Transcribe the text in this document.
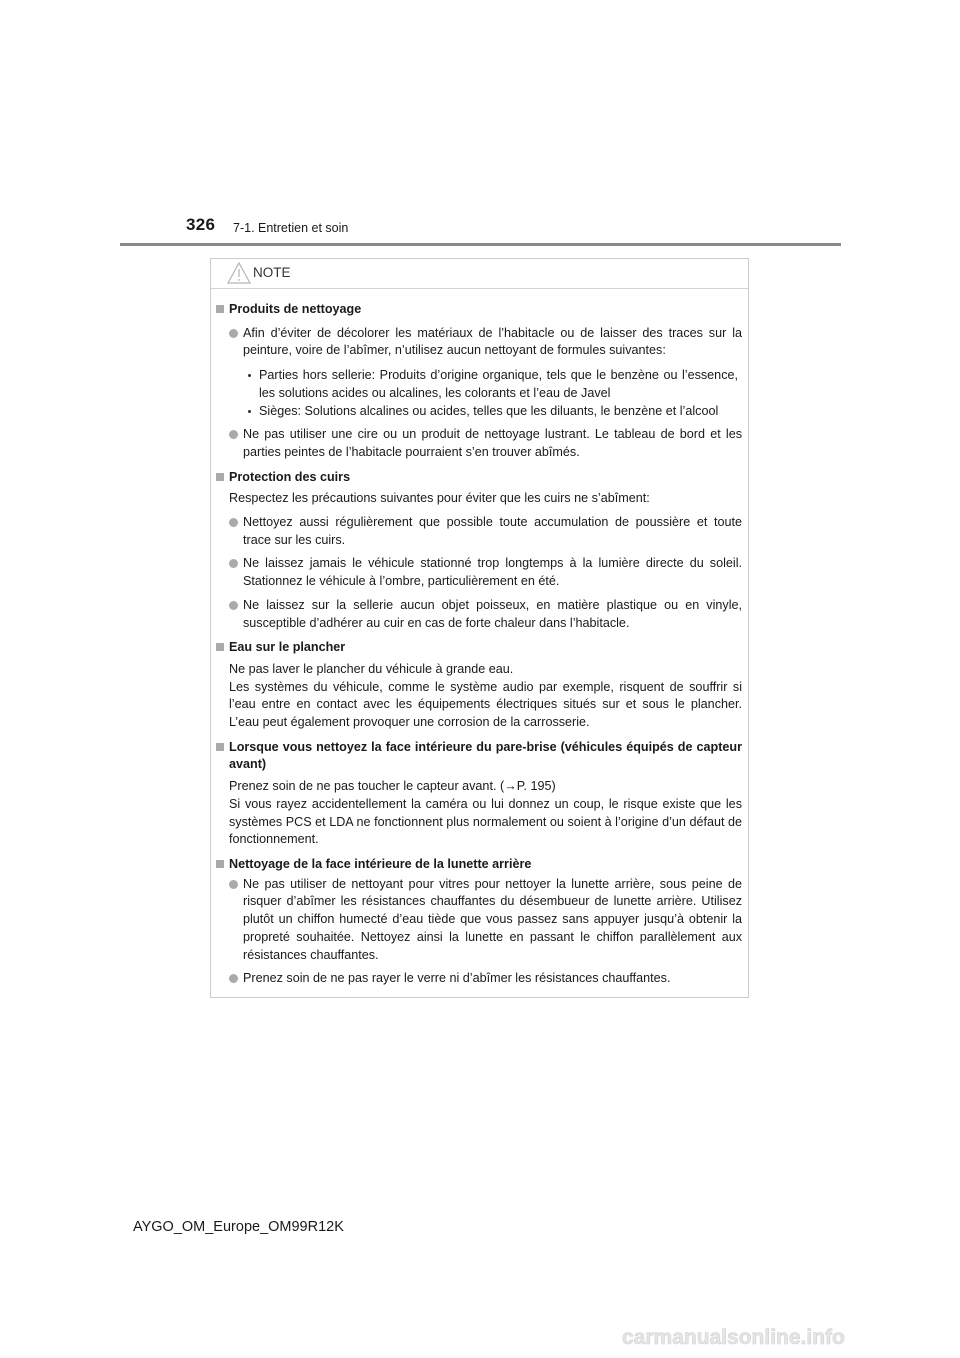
326 7-1. Entretien et soin
NOTE
Produits de nettoyage
Afin d’éviter de décolorer les matériaux de l’habitacle ou de laisser des traces sur la peinture, voire de l’abîmer, n’utilisez aucun nettoyant de formules suivantes:
Parties hors sellerie: Produits d’origine organique, tels que le benzène ou l’essence, les solutions acides ou alcalines, les colorants et l’eau de Javel
Sièges: Solutions alcalines ou acides, telles que les diluants, le benzène et l’alcool
Ne pas utiliser une cire ou un produit de nettoyage lustrant. Le tableau de bord et les parties peintes de l’habitacle pourraient s’en trouver abîmés.
Protection des cuirs
Respectez les précautions suivantes pour éviter que les cuirs ne s’abîment:
Nettoyez aussi régulièrement que possible toute accumulation de poussière et toute trace sur les cuirs.
Ne laissez jamais le véhicule stationné trop longtemps à la lumière directe du soleil. Stationnez le véhicule à l’ombre, particulièrement en été.
Ne laissez sur la sellerie aucun objet poisseux, en matière plastique ou en vinyle, susceptible d’adhérer au cuir en cas de forte chaleur dans l’habitacle.
Eau sur le plancher
Ne pas laver le plancher du véhicule à grande eau.
Les systèmes du véhicule, comme le système audio par exemple, risquent de souffrir si l’eau entre en contact avec les équipements électriques situés sur et sous le plancher. L’eau peut également provoquer une corrosion de la carrosserie.
Lorsque vous nettoyez la face intérieure du pare-brise (véhicules équipés de capteur avant)
Prenez soin de ne pas toucher le capteur avant. (→P. 195)
Si vous rayez accidentellement la caméra ou lui donnez un coup, le risque existe que les systèmes PCS et LDA ne fonctionnent plus normalement ou soient à l’origine d’un défaut de fonctionnement.
Nettoyage de la face intérieure de la lunette arrière
Ne pas utiliser de nettoyant pour vitres pour nettoyer la lunette arrière, sous peine de risquer d’abîmer les résistances chauffantes du désembueur de lunette arrière. Utilisez plutôt un chiffon humecté d’eau tiède que vous passez sans appuyer jusqu’à obtenir la propreté souhaitée. Nettoyez ainsi la lunette en passant le chiffon parallèlement aux résistances chauffantes.
Prenez soin de ne pas rayer le verre ni d’abîmer les résistances chauffantes.
AYGO_OM_Europe_OM99R12K
carmanualsonline.info
